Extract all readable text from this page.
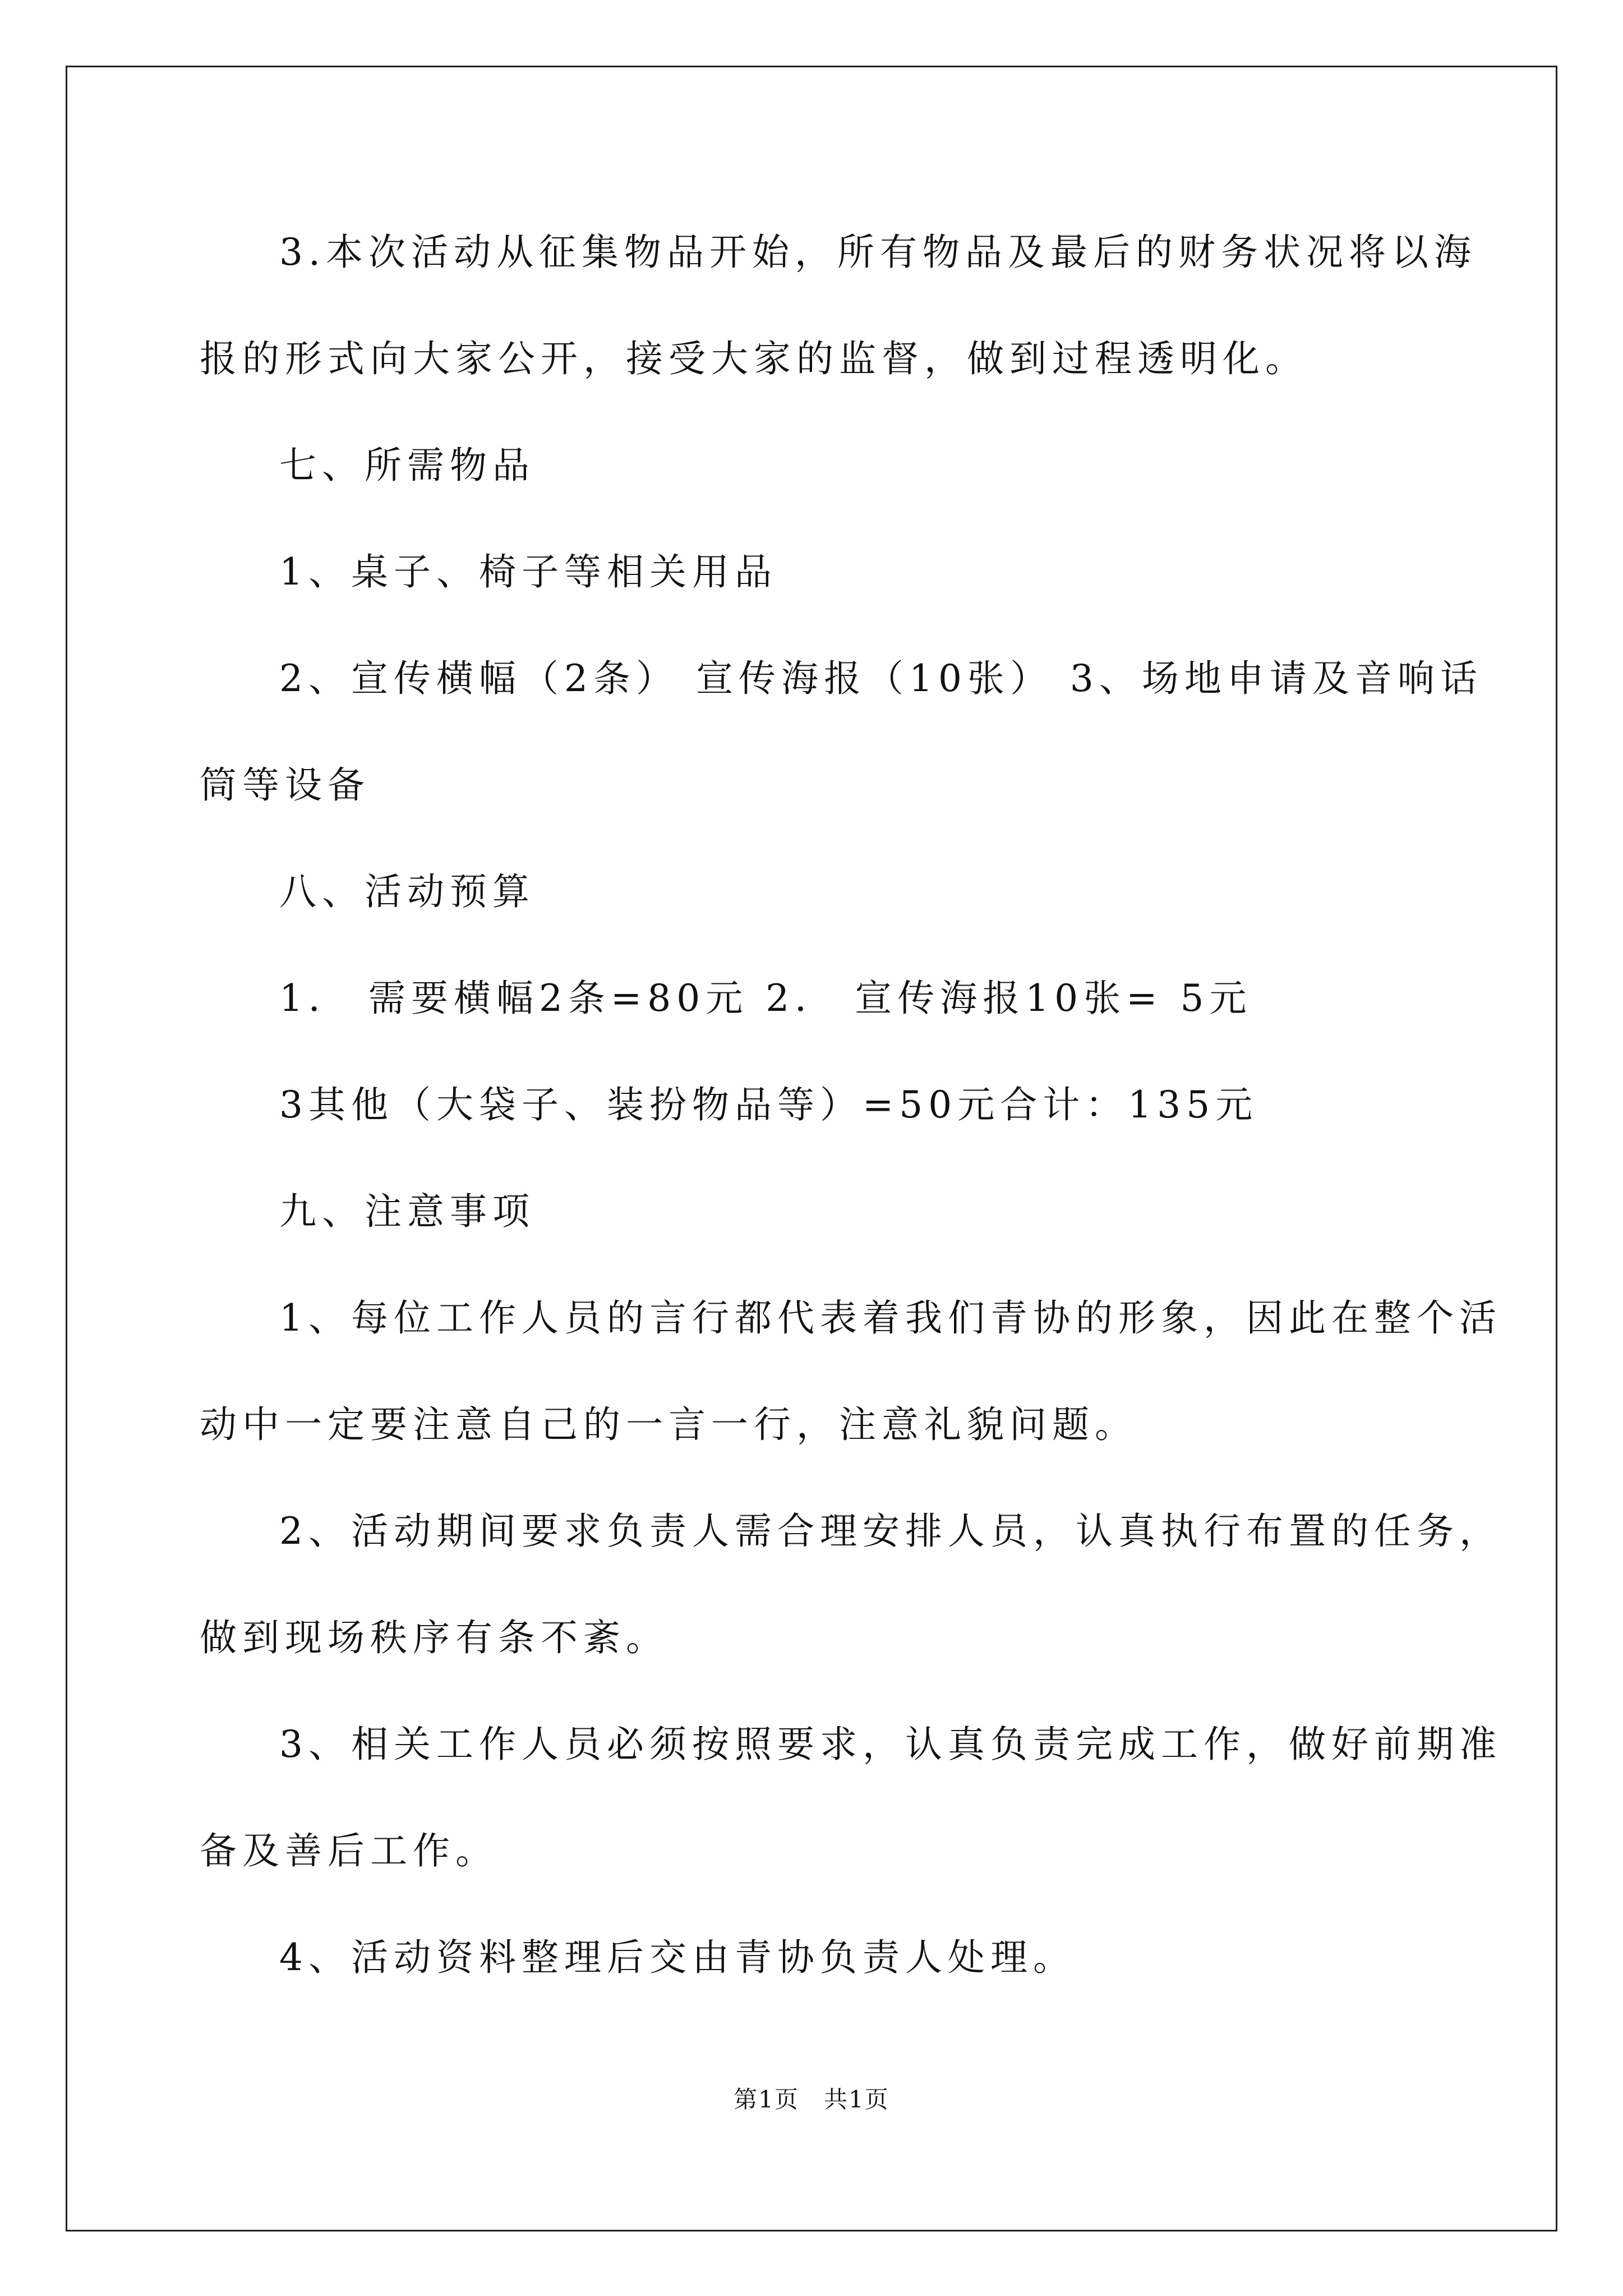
3.本次活动从征集物品开始，所有物品及最后的财务状况将以海
报的形式向大家公开，接受大家的监督，做到过程透明化。
七、所需物品
1、桌子、椅子等相关用品
2、宣传横幅（2条） 宣传海报（10张） 3、场地申请及音响话
筒等设备
八、活动预算
1． 需要横幅2条=80元 2． 宣传海报10张= 5元
3其他（大袋子、装扮物品等）=50元合计：135元
九、注意事项
1、每位工作人员的言行都代表着我们青协的形象，因此在整个活
动中一定要注意自己的一言一行，注意礼貌问题。
2、活动期间要求负责人需合理安排人员，认真执行布置的任务，
做到现场秩序有条不紊。
3、相关工作人员必须按照要求，认真负责完成工作，做好前期准
备及善后工作。
4、活动资料整理后交由青协负责人处理。
第1页　共1页
